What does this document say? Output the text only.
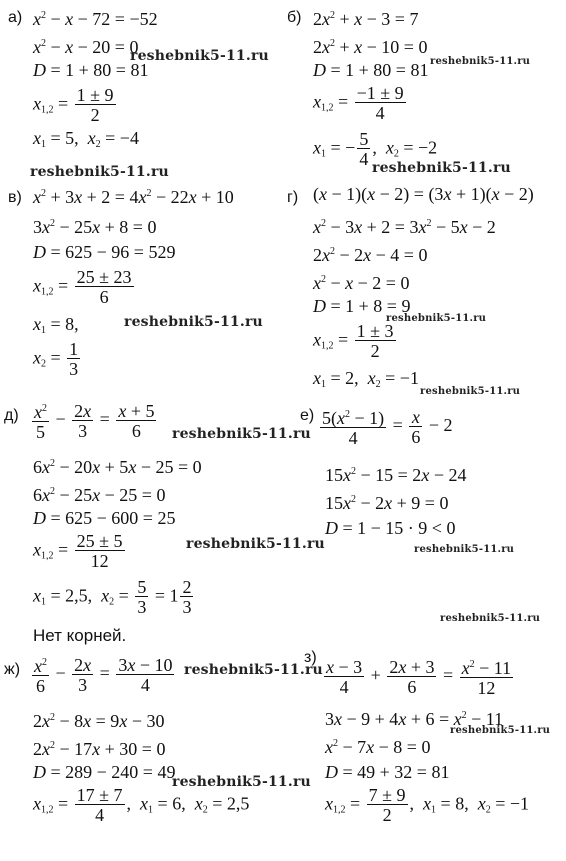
а) $x^2 - x - 72 = -52$
$x^2 - x - 20 = 0$
D = 1 + 80 = 81
$x_{1,2} = \frac{1 \pm 9}{2}$
$x_1 = 5$,  $x_2 = -4$
б) $2x^2 + x - 3 = 7$
$2x^2 + x - 10 = 0$
D = 1 + 80 = 81
$x_{1,2} = \frac{-1 \pm 9}{4}$
$x_1$ = − $\frac{5}{4}$ ,  $x_2 = -2$
в) $x^2 + 3x + 2 = 4x^2 - 22x + 10$
$3x^2 - 25x + 8 = 0$
D = 625 − 96 = 529
$x_{1,2} = \frac{25 \pm 23}{6}$
$x_1 = 8$,
$x_2 = \frac{1}{3}$
г) (x − 1)(x − 2) = (3x + 1)(x − 2)
$x^2 - 3x + 2 = 3x^2 - 5x - 2$
$2x^2 - 2x - 4 = 0$
$x^2 - x - 2 = 0$
D = 1 + 8 = 9
$x_{1,2} = \frac{1 \pm 3}{2}$
$x_1 = 2$,  $x_2 = -1$
$д) \frac{x^2}{5} - \frac{2x}{3} = \frac{x + 5}{6}$
$6x^2 - 20x + 5x - 25 = 0$
$6x^2 - 25x - 25 = 0$
D = 625 − 600 = 25
$x_{1,2} = \frac{25 \pm 5}{12}$
$x_1 = 2,5$,  $x_2 = \frac{5}{3} = 1 \frac{2}{3}$
$е) \frac{5(x^2 - 1)}{4} = \frac{x}{6} - 2$
$15x^2 - 15 = 2x - 24$
$15x^2 - 2x + 9 = 0$
D = 1 − 15 · 9 < 0
Нет корней.
$ж) \frac{x^2}{6} - \frac{2x}{3} = \frac{3x - 10}{4}$
$2x^2 - 8x = 9x - 30$
$2x^2 - 17x + 30 = 0$
D = 289 − 240 = 49
$x_{1,2} = \frac{17 \pm 7}{4}$ ,  $x_1 = 6$,  $x_2 = 2,5$
$з) \frac{x - 3}{4} + \frac{2x + 3}{6} = \frac{x^2 - 11}{12}$
$3x - 9 + 4x + 6 = x^2 - 11$
$x^2 - 7x - 8 = 0$
D = 49 + 32 = 81
$x_{1,2} = \frac{7 \pm 9}{2}$ ,  $x_1 = 8$,  $x_2 = -1$
reshebnik5-11.ru	reshebnik5-11.ru
reshebnik5-11.ru	reshebnik5-11.ru
reshebnik5-11.ru	reshebnik5-11.ru
reshebnik5-11.ru
reshebnik5-11.ru
reshebnik5-11.ru	reshebnik5-11.ru
reshebnik5-11.ru
reshebnik5-11.ru
reshebnik5-11.ru
reshebnik5-11.ru
